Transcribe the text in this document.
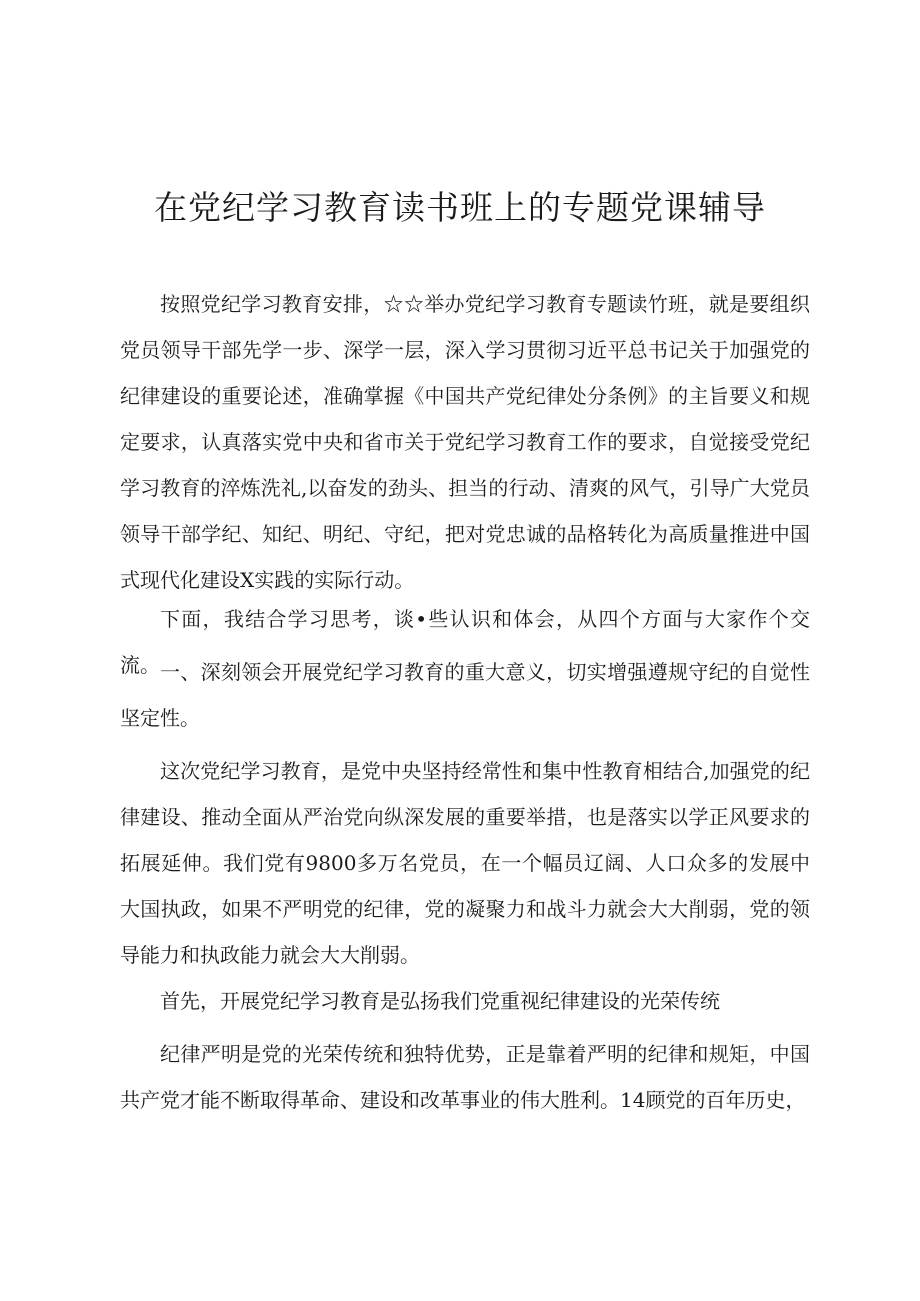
在党纪学习教育读书班上的专题党课辅导

按照党纪学习教育安排，☆☆举办党纪学习教育专题读竹班，就是要组织党员领导干部先学一步、深学一层，深入学习贯彻习近平总书记关于加强党的纪律建设的重要论述，准确掌握《中国共产党纪律处分条例》的主旨要义和规定要求，认真落实党中央和省市关于党纪学习教育工作的要求，自觉接受党纪学习教育的淬炼洗礼,以奋发的劲头、担当的行动、清爽的风气，引导广大党员领导干部学纪、知纪、明纪、守纪，把对党忠诚的品格转化为高质量推进中国式现代化建设X实践的实际行动。

下面，我结合学习思考，谈•些认识和体会，从四个方面与大家作个交流。 一、深刻领会开展党纪学习教育的重大意义，切实增强遵规守纪的自觉性坚定性。

这次党纪学习教育，是党中央坚持经常性和集中性教育相结合,加强党的纪律建设、推动全面从严治党向纵深发展的重要举措，也是落实以学正风要求的拓展延伸。我们党有9800多万名党员，在一个幅员辽阔、人口众多的发展中大国执政，如果不严明党的纪律，党的凝聚力和战斗力就会大大削弱，党的领导能力和执政能力就会大大削弱。

首先，开展党纪学习教育是弘扬我们党重视纪律建设的光荣传统

纪律严明是党的光荣传统和独特优势，正是靠着严明的纪律和规矩，中国共产党才能不断取得革命、建设和改革事业的伟大胜利。14顾党的百年历史，
